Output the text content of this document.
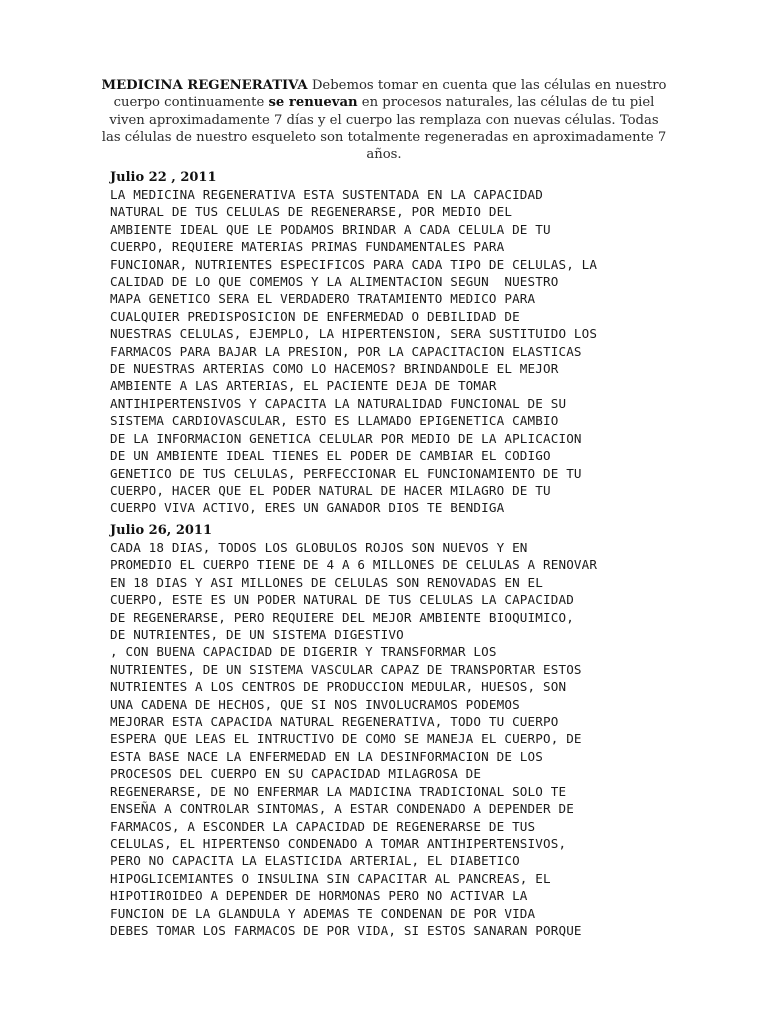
MEDICINA REGENERATIVA Debemos tomar en cuenta que las células en nuestro cuerpo continuamente se renuevan en procesos naturales, las células de tu piel viven aproximadamente 7 días y el cuerpo las remplaza con nuevas células. Todas las células de nuestro esqueleto son totalmente regeneradas en aproximadamente 7 años.
Julio 22 , 2011
LA MEDICINA REGENERATIVA ESTA SUSTENTADA EN LA CAPACIDAD
NATURAL DE TUS CELULAS DE REGENERARSE, POR MEDIO DEL
AMBIENTE IDEAL QUE LE PODAMOS BRINDAR A CADA CELULA DE TU
CUERPO, REQUIERE MATERIAS PRIMAS FUNDAMENTALES PARA
FUNCIONAR, NUTRIENTES ESPECIFICOS PARA CADA TIPO DE CELULAS, LA
CALIDAD DE LO QUE COMEMOS Y LA ALIMENTACION SEGUN  NUESTRO
MAPA GENETICO SERA EL VERDADERO TRATAMIENTO MEDICO PARA
CUALQUIER PREDISPOSICION DE ENFERMEDAD O DEBILIDAD DE
NUESTRAS CELULAS, EJEMPLO, LA HIPERTENSION, SERA SUSTITUIDO LOS
FARMACOS PARA BAJAR LA PRESION, POR LA CAPACITACION ELASTICAS
DE NUESTRAS ARTERIAS COMO LO HACEMOS? BRINDANDOLE EL MEJOR
AMBIENTE A LAS ARTERIAS, EL PACIENTE DEJA DE TOMAR
ANTIHIPERTENSIVOS Y CAPACITA LA NATURALIDAD FUNCIONAL DE SU
SISTEMA CARDIOVASCULAR, ESTO ES LLAMADO EPIGENETICA CAMBIO
DE LA INFORMACION GENETICA CELULAR POR MEDIO DE LA APLICACION
DE UN AMBIENTE IDEAL TIENES EL PODER DE CAMBIAR EL CODIGO
GENETICO DE TUS CELULAS, PERFECCIONAR EL FUNCIONAMIENTO DE TU
CUERPO, HACER QUE EL PODER NATURAL DE HACER MILAGRO DE TU
CUERPO VIVA ACTIVO, ERES UN GANADOR DIOS TE BENDIGA
Julio 26, 2011
CADA 18 DIAS, TODOS LOS GLOBULOS ROJOS SON NUEVOS Y EN
PROMEDIO EL CUERPO TIENE DE 4 A 6 MILLONES DE CELULAS A RENOVAR
EN 18 DIAS Y ASI MILLONES DE CELULAS SON RENOVADAS EN EL
CUERPO, ESTE ES UN PODER NATURAL DE TUS CELULAS LA CAPACIDAD
DE REGENERARSE, PERO REQUIERE DEL MEJOR AMBIENTE BIOQUIMICO,
DE NUTRIENTES, DE UN SISTEMA DIGESTIVO
, CON BUENA CAPACIDAD DE DIGERIR Y TRANSFORMAR LOS
NUTRIENTES, DE UN SISTEMA VASCULAR CAPAZ DE TRANSPORTAR ESTOS
NUTRIENTES A LOS CENTROS DE PRODUCCION MEDULAR, HUESOS, SON
UNA CADENA DE HECHOS, QUE SI NOS INVOLUCRAMOS PODEMOS
MEJORAR ESTA CAPACIDA NATURAL REGENERATIVA, TODO TU CUERPO
ESPERA QUE LEAS EL INTRUCTIVO DE COMO SE MANEJA EL CUERPO, DE
ESTA BASE NACE LA ENFERMEDAD EN LA DESINFORMACION DE LOS
PROCESOS DEL CUERPO EN SU CAPACIDAD MILAGROSA DE
REGENERARSE, DE NO ENFERMAR LA MADICINA TRADICIONAL SOLO TE
ENSEÑA A CONTROLAR SINTOMAS, A ESTAR CONDENADO A DEPENDER DE
FARMACOS, A ESCONDER LA CAPACIDAD DE REGENERARSE DE TUS
CELULAS, EL HIPERTENSO CONDENADO A TOMAR ANTIHIPERTENSIVOS,
PERO NO CAPACITA LA ELASTICIDA ARTERIAL, EL DIABETICO
HIPOGLICEMIANTES O INSULINA SIN CAPACITAR AL PANCREAS, EL
HIPOTIROIDEO A DEPENDER DE HORMONAS PERO NO ACTIVAR LA
FUNCION DE LA GLANDULA Y ADEMAS TE CONDENAN DE POR VIDA
DEBES TOMAR LOS FARMACOS DE POR VIDA, SI ESTOS SANARAN PORQUE
